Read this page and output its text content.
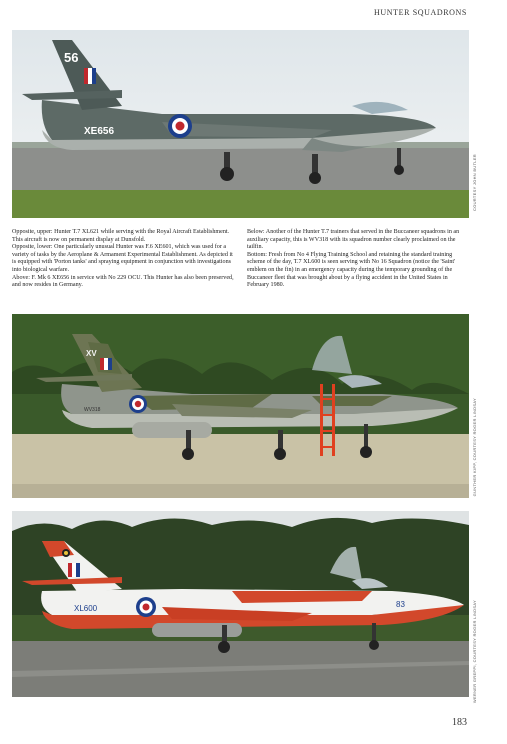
HUNTER SQUADRONS
56
XE656
COURTESY JOHN BUTLER

Opposite, upper: Hunter T.7 XL621 while serving with the Royal Aircraft Establishment. This aircraft is now on permanent display at Dunsfold.

Opposite, lower: One particularly unusual Hunter was F.6 XE601, which was used for a variety of tasks by the Aeroplane & Armament Experimental Establishment. As depicted it is equipped with 'Porton tanks' and spraying equipment in conjunction with investigations into biological warfare.

Above: F. Mk 6 XE656 in service with No 229 OCU. This Hunter has also been preserved, and now resides in Germany.

Below: Another of the Hunter T.7 trainers that served in the Buccaneer squadrons in an auxiliary capacity, this is WV318 with its squadron number clearly proclaimed on the tailfin.

Bottom: Fresh from No 4 Flying Training School and retaining the standard training scheme of the day, T.7 XL600 is seen serving with No 16 Squadron (notice the 'Saint' emblem on the fin) in an emergency capacity during the temporary grounding of the Buccaneer fleet that was brought about by a flying accident in the United States in February 1980.

XV
WV318	GUNTHER KIPP, COURTESY ROGER LINDSAY
XL600	83	WERNER GREPPI, COURTESY ROGER LINDSAY
183
